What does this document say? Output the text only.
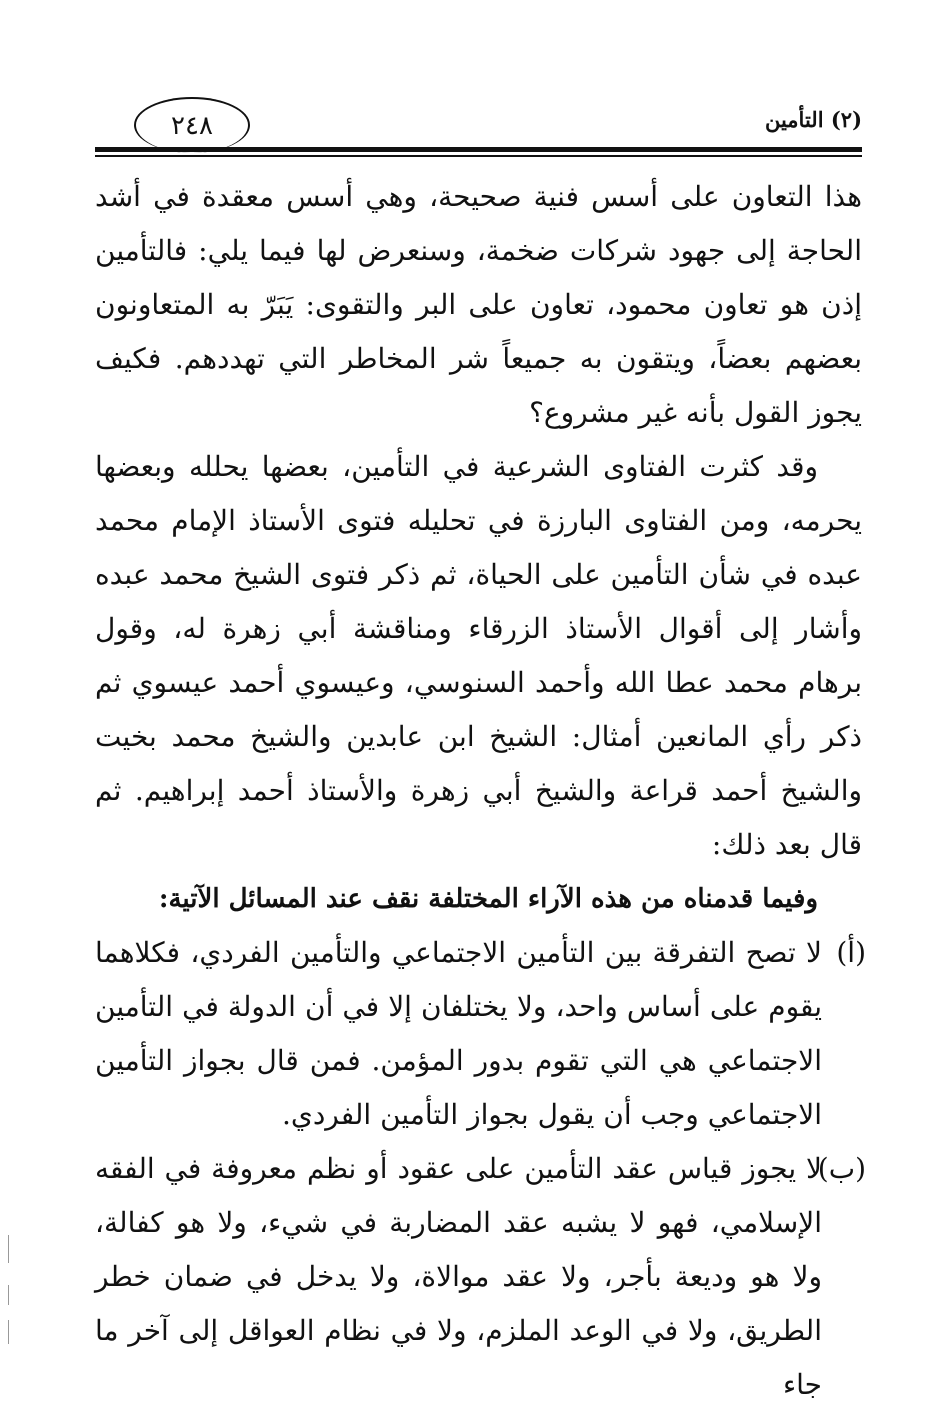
(٢) التأمين
٢٤٨

هذا التعاون على أسس فنية صحيحة، وهي أسس معقدة في أشد الحاجة إلى جهود شركات ضخمة، وسنعرض لها فيما يلي: فالتأمين إذن هو تعاون محمود، تعاون على البر والتقوى: يَبَرّ به المتعاونون بعضهم بعضاً، ويتقون به جميعاً شر المخاطر التي تهددهم. فكيف يجوز القول بأنه غير مشروع؟

وقد كثرت الفتاوى الشرعية في التأمين، بعضها يحلله وبعضها يحرمه، ومن الفتاوى البارزة في تحليله فتوى الأستاذ الإمام محمد عبده في شأن التأمين على الحياة، ثم ذكر فتوى الشيخ محمد عبده وأشار إلى أقوال الأستاذ الزرقاء ومناقشة أبي زهرة له، وقول برهام محمد عطا الله وأحمد السنوسي، وعيسوي أحمد عيسوي ثم ذكر رأي المانعين أمثال: الشيخ ابن عابدين والشيخ محمد بخيت والشيخ أحمد قراعة والشيخ أبي زهرة والأستاذ أحمد إبراهيم. ثم قال بعد ذلك:

وفيما قدمناه من هذه الآراء المختلفة نقف عند المسائل الآتية:

(أ)
لا تصح التفرقة بين التأمين الاجتماعي والتأمين الفردي، فكلاهما يقوم على أساس واحد، ولا يختلفان إلا في أن الدولة في التأمين الاجتماعي هي التي تقوم بدور المؤمن. فمن قال بجواز التأمين الاجتماعي وجب أن يقول بجواز التأمين الفردي.
(ب)
لا يجوز قياس عقد التأمين على عقود أو نظم معروفة في الفقه الإسلامي، فهو لا يشبه عقد المضاربة في شيء، ولا هو كفالة، ولا هو وديعة بأجر، ولا عقد موالاة، ولا يدخل في ضمان خطر الطريق، ولا في الوعد الملزم، ولا في نظام العواقل إلى آخر ما جاء
